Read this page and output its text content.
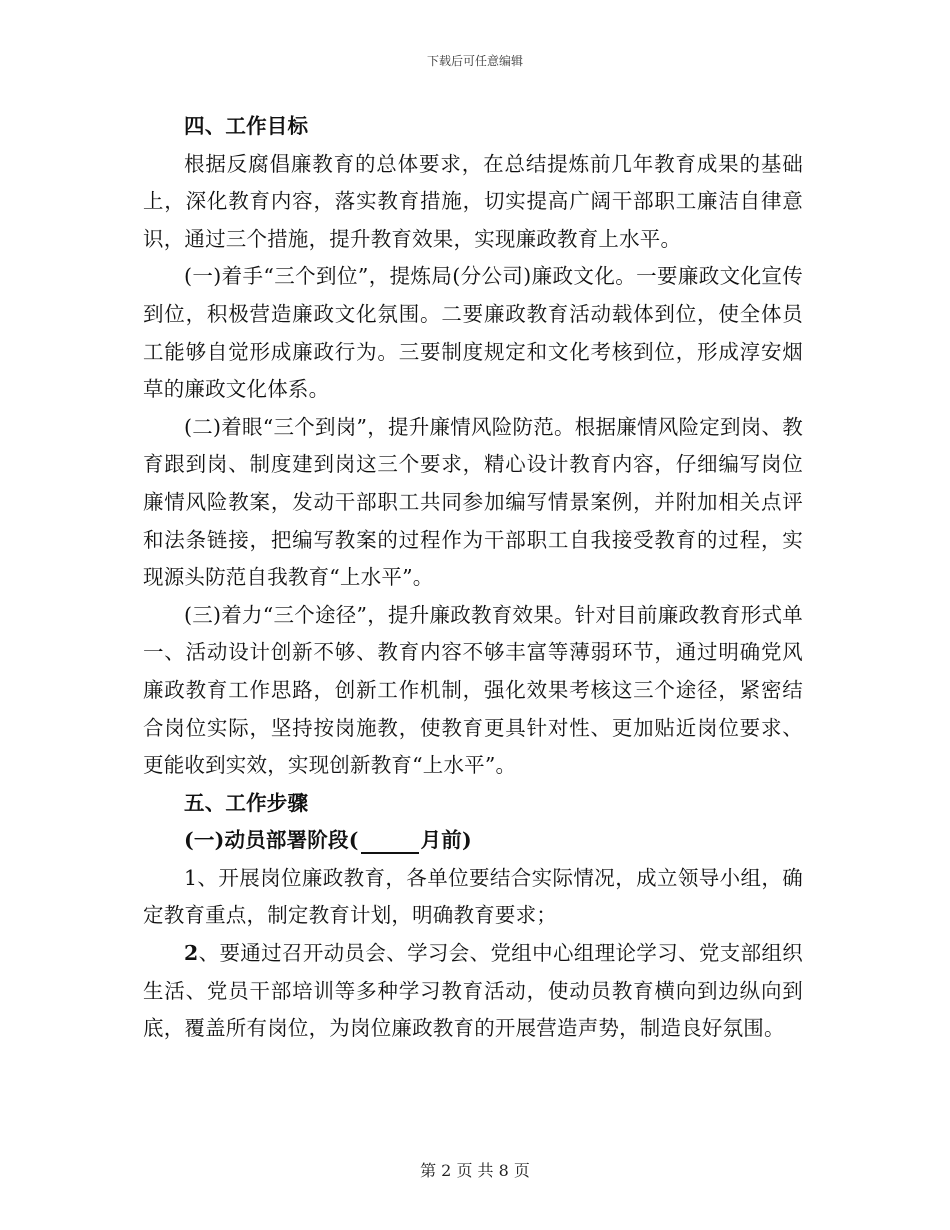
下载后可任意编辑

四、工作目标

根据反腐倡廉教育的总体要求，在总结提炼前几年教育成果的基础上，深化教育内容，落实教育措施，切实提高广阔干部职工廉洁自律意识，通过三个措施，提升教育效果，实现廉政教育上水平。

(一)着手“三个到位”，提炼局(分公司)廉政文化。一要廉政文化宣传到位，积极营造廉政文化氛围。二要廉政教育活动载体到位，使全体员工能够自觉形成廉政行为。三要制度规定和文化考核到位，形成淳安烟草的廉政文化体系。

(二)着眼“三个到岗”，提升廉情风险防范。根据廉情风险定到岗、教育跟到岗、制度建到岗这三个要求，精心设计教育内容，仔细编写岗位廉情风险教案，发动干部职工共同参加编写情景案例，并附加相关点评和法条链接，把编写教案的过程作为干部职工自我接受教育的过程，实现源头防范自我教育“上水平”。

(三)着力“三个途径”，提升廉政教育效果。针对目前廉政教育形式单一、活动设计创新不够、教育内容不够丰富等薄弱环节，通过明确党风廉政教育工作思路，创新工作机制，强化效果考核这三个途径，紧密结合岗位实际，坚持按岗施教，使教育更具针对性、更加贴近岗位要求、更能收到实效，实现创新教育“上水平”。

五、工作步骤

(一)动员部署阶段(	月前)

1、开展岗位廉政教育，各单位要结合实际情况，成立领导小组，确定教育重点，制定教育计划，明确教育要求；

2、要通过召开动员会、学习会、党组中心组理论学习、党支部组织生活、党员干部培训等多种学习教育活动，使动员教育横向到边纵向到底，覆盖所有岗位，为岗位廉政教育的开展营造声势，制造良好氛围。

第 2 页 共 8 页
